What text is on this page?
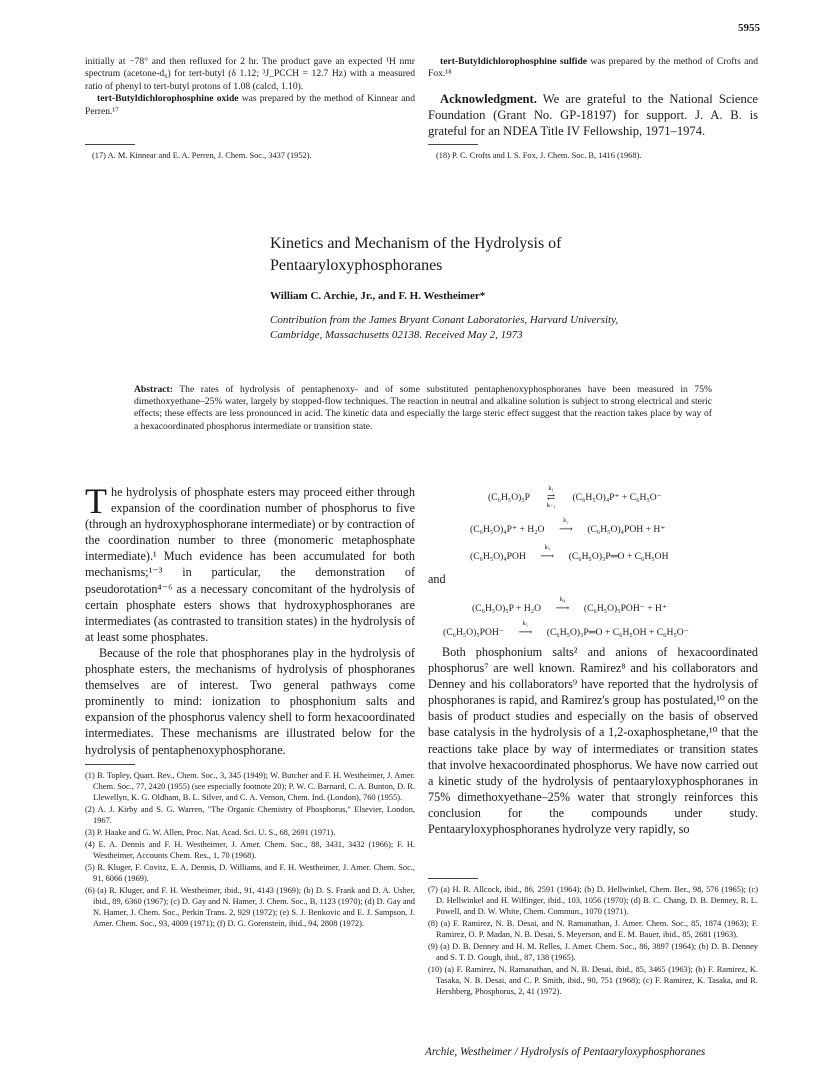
5955
initially at −78° and then refluxed for 2 hr. The product gave an expected ¹H nmr spectrum (acetone-d₆) for tert-butyl (δ 1.12; ³J_PCCH = 12.7 Hz) with a measured ratio of phenyl to tert-butyl protons of 1.08 (calcd, 1.10).
tert-Butyldichlorophosphine oxide was prepared by the method of Kinnear and Perren.¹⁷
(17) A. M. Kinnear and E. A. Perren, J. Chem. Soc., 3437 (1952).
tert-Butyldichlorophosphine sulfide was prepared by the method of Crofts and Fox.¹⁸
Acknowledgment. We are grateful to the National Science Foundation (Grant No. GP-18197) for support. J. A. B. is grateful for an NDEA Title IV Fellowship, 1971–1974.
(18) P. C. Crofts and I. S. Fox, J. Chem. Soc. B, 1416 (1968).
Kinetics and Mechanism of the Hydrolysis of
Pentaaryloxyphosphoranes
William C. Archie, Jr., and F. H. Westheimer*
Contribution from the James Bryant Conant Laboratories, Harvard University,
Cambridge, Massachusetts 02138. Received May 2, 1973
Abstract: The rates of hydrolysis of pentaphenoxy- and of some substituted pentaphenoxyphosphoranes have been measured in 75% dimethoxyethane–25% water, largely by stopped-flow techniques. The reaction in neutral and alkaline solution is subject to strong electrical and steric effects; these effects are less pronounced in acid. The kinetic data and especially the large steric effect suggest that the reaction takes place by way of a hexacoordinated phosphorus intermediate or transition state.

The hydrolysis of phosphate esters may proceed either through expansion of the coordination number of phosphorus to five (through an hydroxyphosphorane intermediate) or by contraction of the coordination number to three (monomeric metaphosphate intermediate).¹ Much evidence has been accumulated for both mechanisms;¹⁻³ in particular, the demonstration of pseudorotation⁴⁻⁶ as a necessary concomitant of the hydrolysis of certain phosphate esters shows that hydroxyphosphoranes are intermediates (as contrasted to transition states) in the hydrolysis of at least some phosphates.

Because of the role that phosphoranes play in the hydrolysis of phosphate esters, the mechanisms of hydrolysis of phosphoranes themselves are of interest. Two general pathways come prominently to mind: ionization to phosphonium salts and expansion of the phosphorus valency shell to form hexacoordinated intermediates. These mechanisms are illustrated below for the hydrolysis of pentaphenoxyphosphorane.

(1) B. Topley, Quart. Rev., Chem. Soc., 3, 345 (1949); W. Butcher and F. H. Westheimer, J. Amer. Chem. Soc., 77, 2420 (1955) (see especially footnote 20); P. W. C. Barnard, C. A. Bunton, D. R. Llewellyn, K. G. Oldham, B. L. Silver, and C. A. Vernon, Chem. Ind. (London), 760 (1955).

(2) A. J. Kirby and S. G. Warren, "The Organic Chemistry of Phosphorus," Elsevier, London, 1967.

(3) P. Haake and G. W. Allen, Proc. Nat. Acad. Sci. U. S., 68, 2691 (1971).

(4) E. A. Dennis and F. H. Westheimer, J. Amer. Chem. Soc., 88, 3431, 3432 (1966); F. H. Westheimer, Accounts Chem. Res., 1, 70 (1968).

(5) R. Kluger, F. Covitz, E. A. Dennis, D. Williams, and F. H. Westheimer, J. Amer. Chem. Soc., 91, 6066 (1969).

(6) (a) R. Kluger, and F. H. Westheimer, ibid., 91, 4143 (1969); (b) D. S. Frank and D. A. Usher, ibid., 89, 6360 (1967); (c) D. Gay and N. Hamer, J. Chem. Soc., B, 1123 (1970); (d) D. Gay and N. Hamer, J. Chem. Soc., Perkin Trans. 2, 929 (1972); (e) S. J. Benkovic and E. J. Sampson, J. Amer. Chem. Soc., 93, 4009 (1971); (f) D. G. Gorenstein, ibid., 94, 2808 (1972).

(C₆H₅O)₅P
k₁
⇄
k₋₁
(C₆H₅O)₄P⁺ + C₆H₅O⁻
(C₆H₅O)₄P⁺ + H₂O
k₂
⟶ (C₆H₅O)₄POH + H⁺
(C₆H₅O)₄POH
k₃
⟶ (C₆H₅O)₃P═O + C₆H₅OH
and
(C₆H₅O)₅P + H₂O
k₄
⟶ (C₆H₅O)₅POH⁻ + H⁺
(C₆H₅O)₅POH⁻
k₅
⟶ (C₆H₅O)₃P═O + C₆H₅OH + C₆H₅O⁻

Both phosphonium salts² and anions of hexacoordinated phosphorus⁷ are well known. Ramirez⁸ and his collaborators and Denney and his collaborators⁹ have reported that the hydrolysis of phosphoranes is rapid, and Ramirez's group has postulated,¹⁰ on the basis of product studies and especially on the basis of observed base catalysis in the hydrolysis of a 1,2-oxaphosphetane,¹⁰ that the reactions take place by way of intermediates or transition states that involve hexacoordinated phosphorus. We have now carried out a kinetic study of the hydrolysis of pentaaryloxyphosphoranes in 75% dimethoxyethane–25% water that strongly reinforces this conclusion for the compounds under study. Pentaaryloxyphosphoranes hydrolyze very rapidly, so

(7) (a) H. R. Allcock, ibid., 86, 2591 (1964); (b) D. Hellwinkel, Chem. Ber., 98, 576 (1965); (c) D. Hellwinkel and H. Wilfinger, ibid., 103, 1056 (1970); (d) B. C. Chang, D. B. Denney, R. L. Powell, and D. W. White, Chem. Commun., 1070 (1971).

(8) (a) F. Ramirez, N. B. Desai, and N. Ramanathan, J. Amer. Chem. Soc., 85, 1874 (1963); F. Ramirez, O. P. Madan, N. B. Desai, S. Meyerson, and E. M. Bauer, ibid., 85, 2681 (1963).

(9) (a) D. B. Denney and H. M. Relles, J. Amer. Chem. Soc., 86, 3897 (1964); (b) D. B. Denney and S. T. D. Gough, ibid., 87, 138 (1965).

(10) (a) F. Ramirez, N. Ramanathan, and N. B. Desai, ibid., 85, 3465 (1963); (b) F. Ramirez, K. Tasaka, N. B. Desai, and C. P. Smith, ibid., 90, 751 (1968); (c) F. Ramirez, K. Tasaka, and R. Hershberg, Phosphorus, 2, 41 (1972).

Archie, Westheimer / Hydrolysis of Pentaaryloxyphosphoranes
